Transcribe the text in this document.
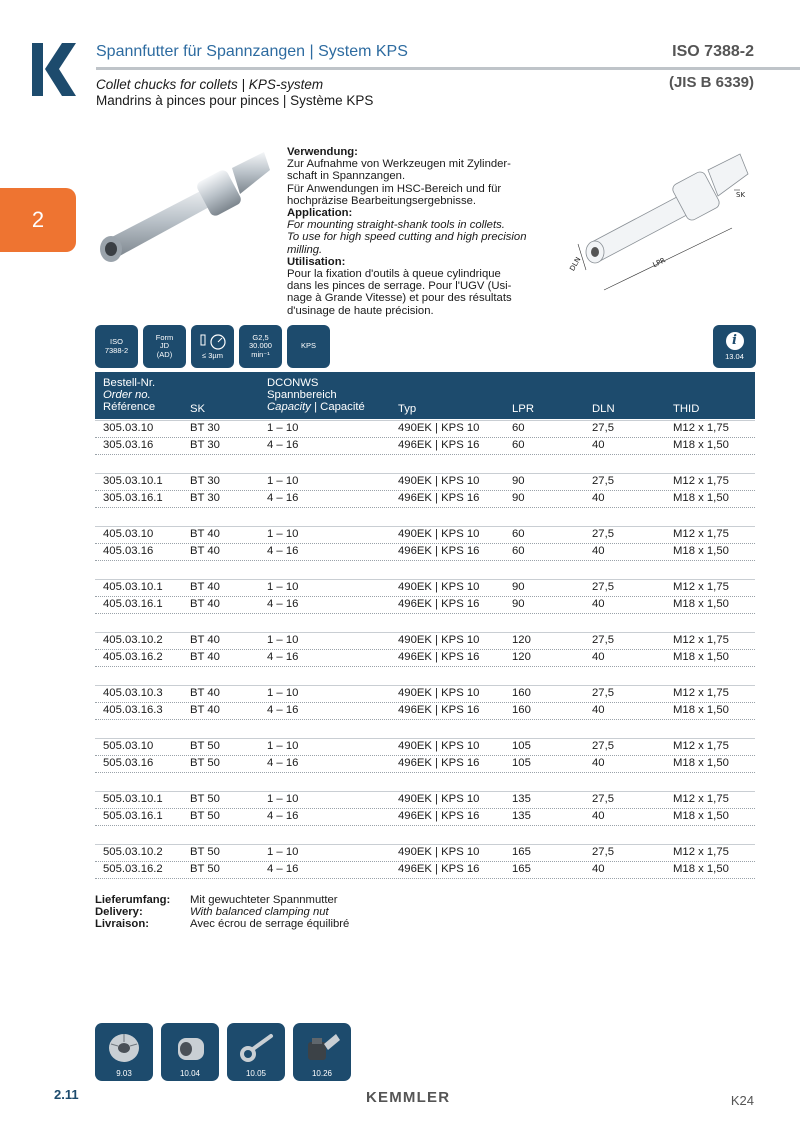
Spannfutter für Spannzangen | System KPS	ISO 7388-2
Collet chucks for collets | KPS-system
Mandrins à pinces pour pinces | Système KPS
(JIS B 6339)
2
Verwendung:
Zur Aufnahme von Werkzeugen mit Zylinder-
schaft in Spannzangen.
Für Anwendungen im HSC-Bereich und für
hochpräzise Bearbeitungsergebnisse.
Application:
For mounting straight-shank tools in collets.
To use for high speed cutting and high precision
milling.
Utilisation:
Pour la fixation d'outils à queue cylindrique
dans les pinces de serrage. Pour l'UGV (Usi-
nage à Grande Vitesse) et pour des résultats
d'usinage de haute précision.
DLN	LPR
SK
ISO
7388-2
Form
JD
(AD)	≤ 3µm
G2,5
30.000
min⁻¹
KPS	i
13.04
Bestell-Nr.
Order no.
Référence	SK
DCONWS
Spannbereich
Capacity | Capacité	Typ	LPR	DLN	THID
305.03.10	BT 30	1 – 10	490EK | KPS 10	60	27,5	M12 x 1,75
305.03.16	BT 30	4 – 16	496EK | KPS 16	60	40	M18 x 1,50
305.03.10.1 BT 30	1 – 10	490EK | KPS 10	90	27,5	M12 x 1,75
305.03.16.1 BT 30	4 – 16	496EK | KPS 16	90	40	M18 x 1,50
405.03.10	BT 40	1 – 10	490EK | KPS 10	60	27,5	M12 x 1,75
405.03.16	BT 40	4 – 16	496EK | KPS 16	60	40	M18 x 1,50
405.03.10.1 BT 40	1 – 10	490EK | KPS 10	90	27,5	M12 x 1,75
405.03.16.1 BT 40	4 – 16	496EK | KPS 16	90	40	M18 x 1,50
405.03.10.2 BT 40	1 – 10	490EK | KPS 10	120	27,5	M12 x 1,75
405.03.16.2 BT 40	4 – 16	496EK | KPS 16	120	40	M18 x 1,50
405.03.10.3 BT 40	1 – 10	490EK | KPS 10	160	27,5	M12 x 1,75
405.03.16.3 BT 40	4 – 16	496EK | KPS 16	160	40	M18 x 1,50
505.03.10	BT 50	1 – 10	490EK | KPS 10	105	27,5	M12 x 1,75
505.03.16	BT 50	4 – 16	496EK | KPS 16	105	40	M18 x 1,50
505.03.10.1 BT 50	1 – 10	490EK | KPS 10	135	27,5	M12 x 1,75
505.03.16.1 BT 50	4 – 16	496EK | KPS 16	135	40	M18 x 1,50
505.03.10.2 BT 50	1 – 10	490EK | KPS 10	165	27,5	M12 x 1,75
505.03.16.2 BT 50	4 – 16	496EK | KPS 16	165	40	M18 x 1,50
Lieferumfang: Mit gewuchteter Spannmutter
Delivery:	With balanced clamping nut
Livraison:	Avec écrou de serrage équilibré
9.03	10.04	10.05	10.26
2.11	KEMMLER	K24
